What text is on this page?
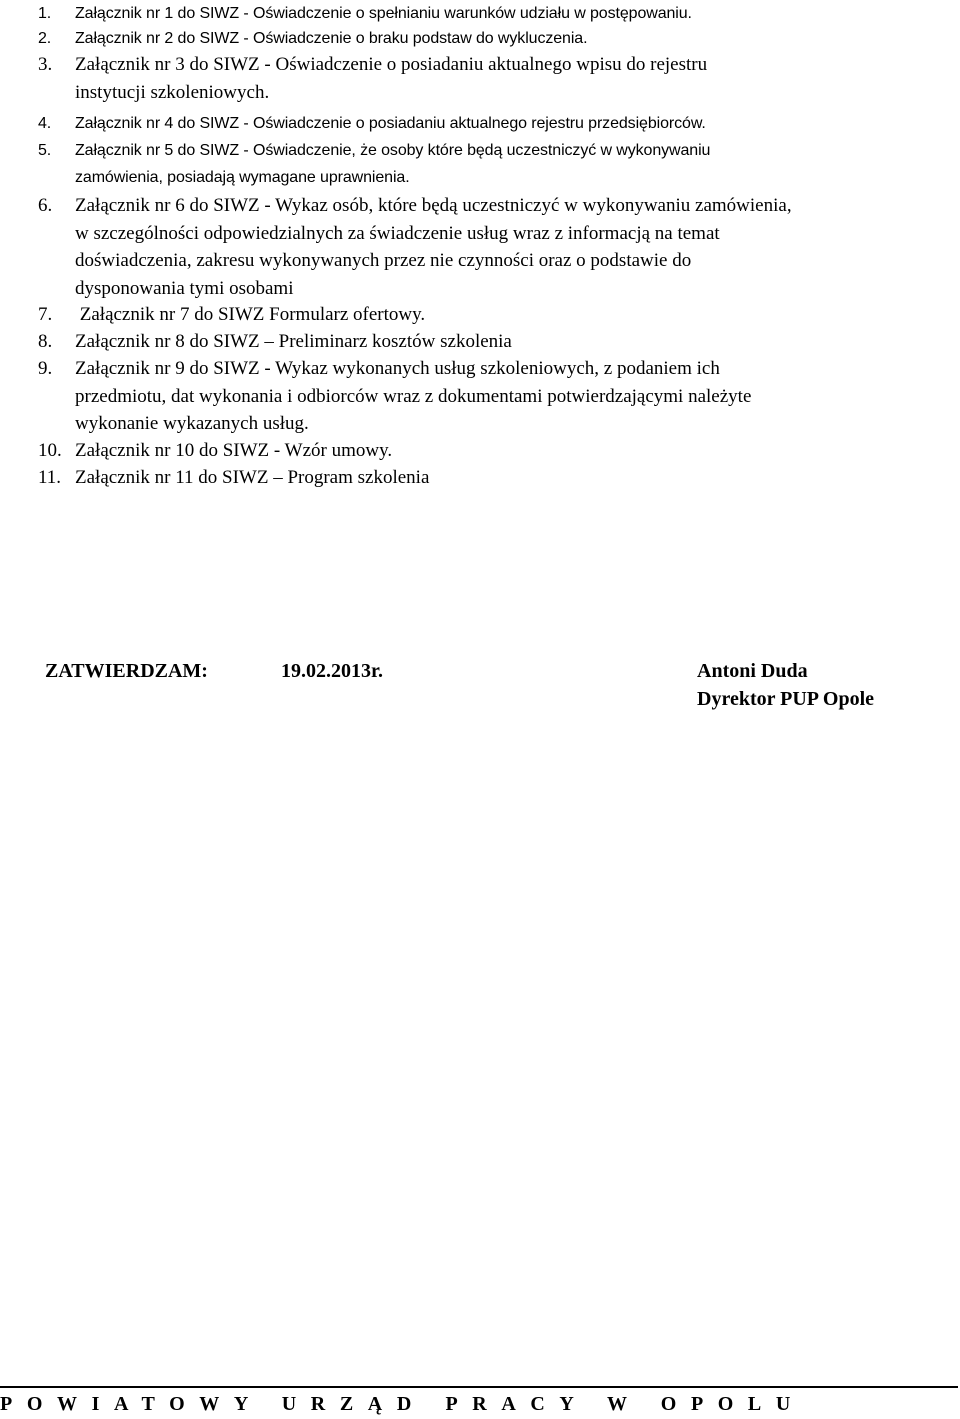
1. Załącznik nr 1 do SIWZ - Oświadczenie o spełnianiu warunków udziału w postępowaniu.
2. Załącznik nr 2 do SIWZ - Oświadczenie o braku podstaw do wykluczenia.
3. Załącznik nr 3 do SIWZ - Oświadczenie o posiadaniu aktualnego wpisu do rejestru
instytucji szkoleniowych.
4. Załącznik nr 4 do SIWZ - Oświadczenie o posiadaniu aktualnego rejestru przedsiębiorców.
5. Załącznik nr 5 do SIWZ - Oświadczenie, że osoby które będą uczestniczyć w wykonywaniu
zamówienia, posiadają wymagane uprawnienia.
6. Załącznik nr 6 do SIWZ - Wykaz osób, które będą uczestniczyć w wykonywaniu zamówienia,
w szczególności odpowiedzialnych za świadczenie usług wraz z informacją na temat
doświadczenia, zakresu wykonywanych przez nie czynności oraz o podstawie do
dysponowania tymi osobami
7. Załącznik nr 7 do SIWZ Formularz ofertowy.
8. Załącznik nr 8 do SIWZ – Preliminarz kosztów szkolenia
9. Załącznik nr 9 do SIWZ - Wykaz wykonanych usług szkoleniowych, z podaniem ich
przedmiotu, dat wykonania i odbiorców wraz z dokumentami potwierdzającymi należyte
wykonanie wykazanych usług.
10. Załącznik nr 10 do SIWZ - Wzór umowy.
11. Załącznik nr 11 do SIWZ – Program szkolenia
ZATWIERDZAM:	19.02.2013r.	Antoni Duda
Dyrektor PUP Opole
POWIATOWY URZĄD PRACY W OPOLU
